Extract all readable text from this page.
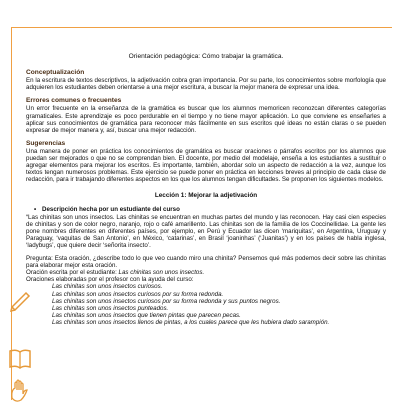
Orientación pedagógica: Cómo trabajar la gramática.
Conceptualización

En la escritura de textos descriptivos, la adjetivación cobra gran importancia. Por su parte, los conocimientos sobre morfología que adquieren los estudiantes deben orientarse a una mejor escritura, a buscar la mejor manera de expresar una idea.

Errores comunes o frecuentes

Un error frecuente en la enseñanza de la gramática es buscar que los alumnos memoricen reconozcan diferentes categorías gramaticales. Este aprendizaje es poco perdurable en el tiempo y no tiene mayor aplicación. Lo que conviene es enseñarles a aplicar sus conocimientos de gramática para reconocer más fácilmente en sus escritos qué ideas no están claras o se pueden expresar de mejor manera y, así, buscar una mejor redacción.

Sugerencias

Una manera de poner en práctica los conocimientos de gramática es buscar oraciones o párrafos escritos por los alumnos que puedan ser mejorados o que no se comprendan bien. El docente, por medio del modelaje, enseña a los estudiantes a sustituir o agregar elementos para mejorar los escritos. Es importante, también, abordar solo un aspecto de redacción a la vez, aunque los textos tengan numerosos problemas. Este ejercicio se puede poner en práctica en lecciones breves al principio de cada clase de redacción, para ir trabajando diferentes aspectos en los que los alumnos tengan dificultades. Se proponen los siguientes modelos.

Lección 1: Mejorar la adjetivación
• Descripción hecha por un estudiante del curso

“Las chinitas son unos insectos. Las chinitas se encuentran en muchas partes del mundo y las reconocen. Hay casi cien especies de chinitas y son de color negro, naranjo, rojo o café amarillento. Las chinitas son de la familia de los Coccinellidae. La gente les pone nombres diferentes en diferentes países, por ejemplo, en Perú y Ecuador las dicen ‘mariquitas’, en Argentina, Uruguay y Paraguay, ‘vaquitas de San Antonio’, en México, ‘catarinas’, en Brasil ‘joaninhas’ (‘Juanitas’) y en los países de habla inglesa, ‘ladybugs’, que quiere decir ‘señorita insecto’.

Pregunta: Esta oración, ¿describe todo lo que veo cuando miro una chinita? Pensemos qué más podemos decir sobre las chinitas para elaborar mejor esta oración.

Oración escrita por el estudiante: Las chinitas son unos insectos.

Oraciones elaboradas por el profesor con la ayuda del curso:

Las chinitas son unos insectos curiosos.
Las chinitas son unos insectos curiosos por su forma redonda.
Las chinitas son unos insectos curiosos por su forma redonda y sus puntos negros.
Las chinitas son unos insectos punteados.
Las chinitas son unos insectos que tienen pintas que parecen pecas.
Las chinitas son unos insectos llenos de pintas, a los cuales parece que les hubiera dado sarampión.
